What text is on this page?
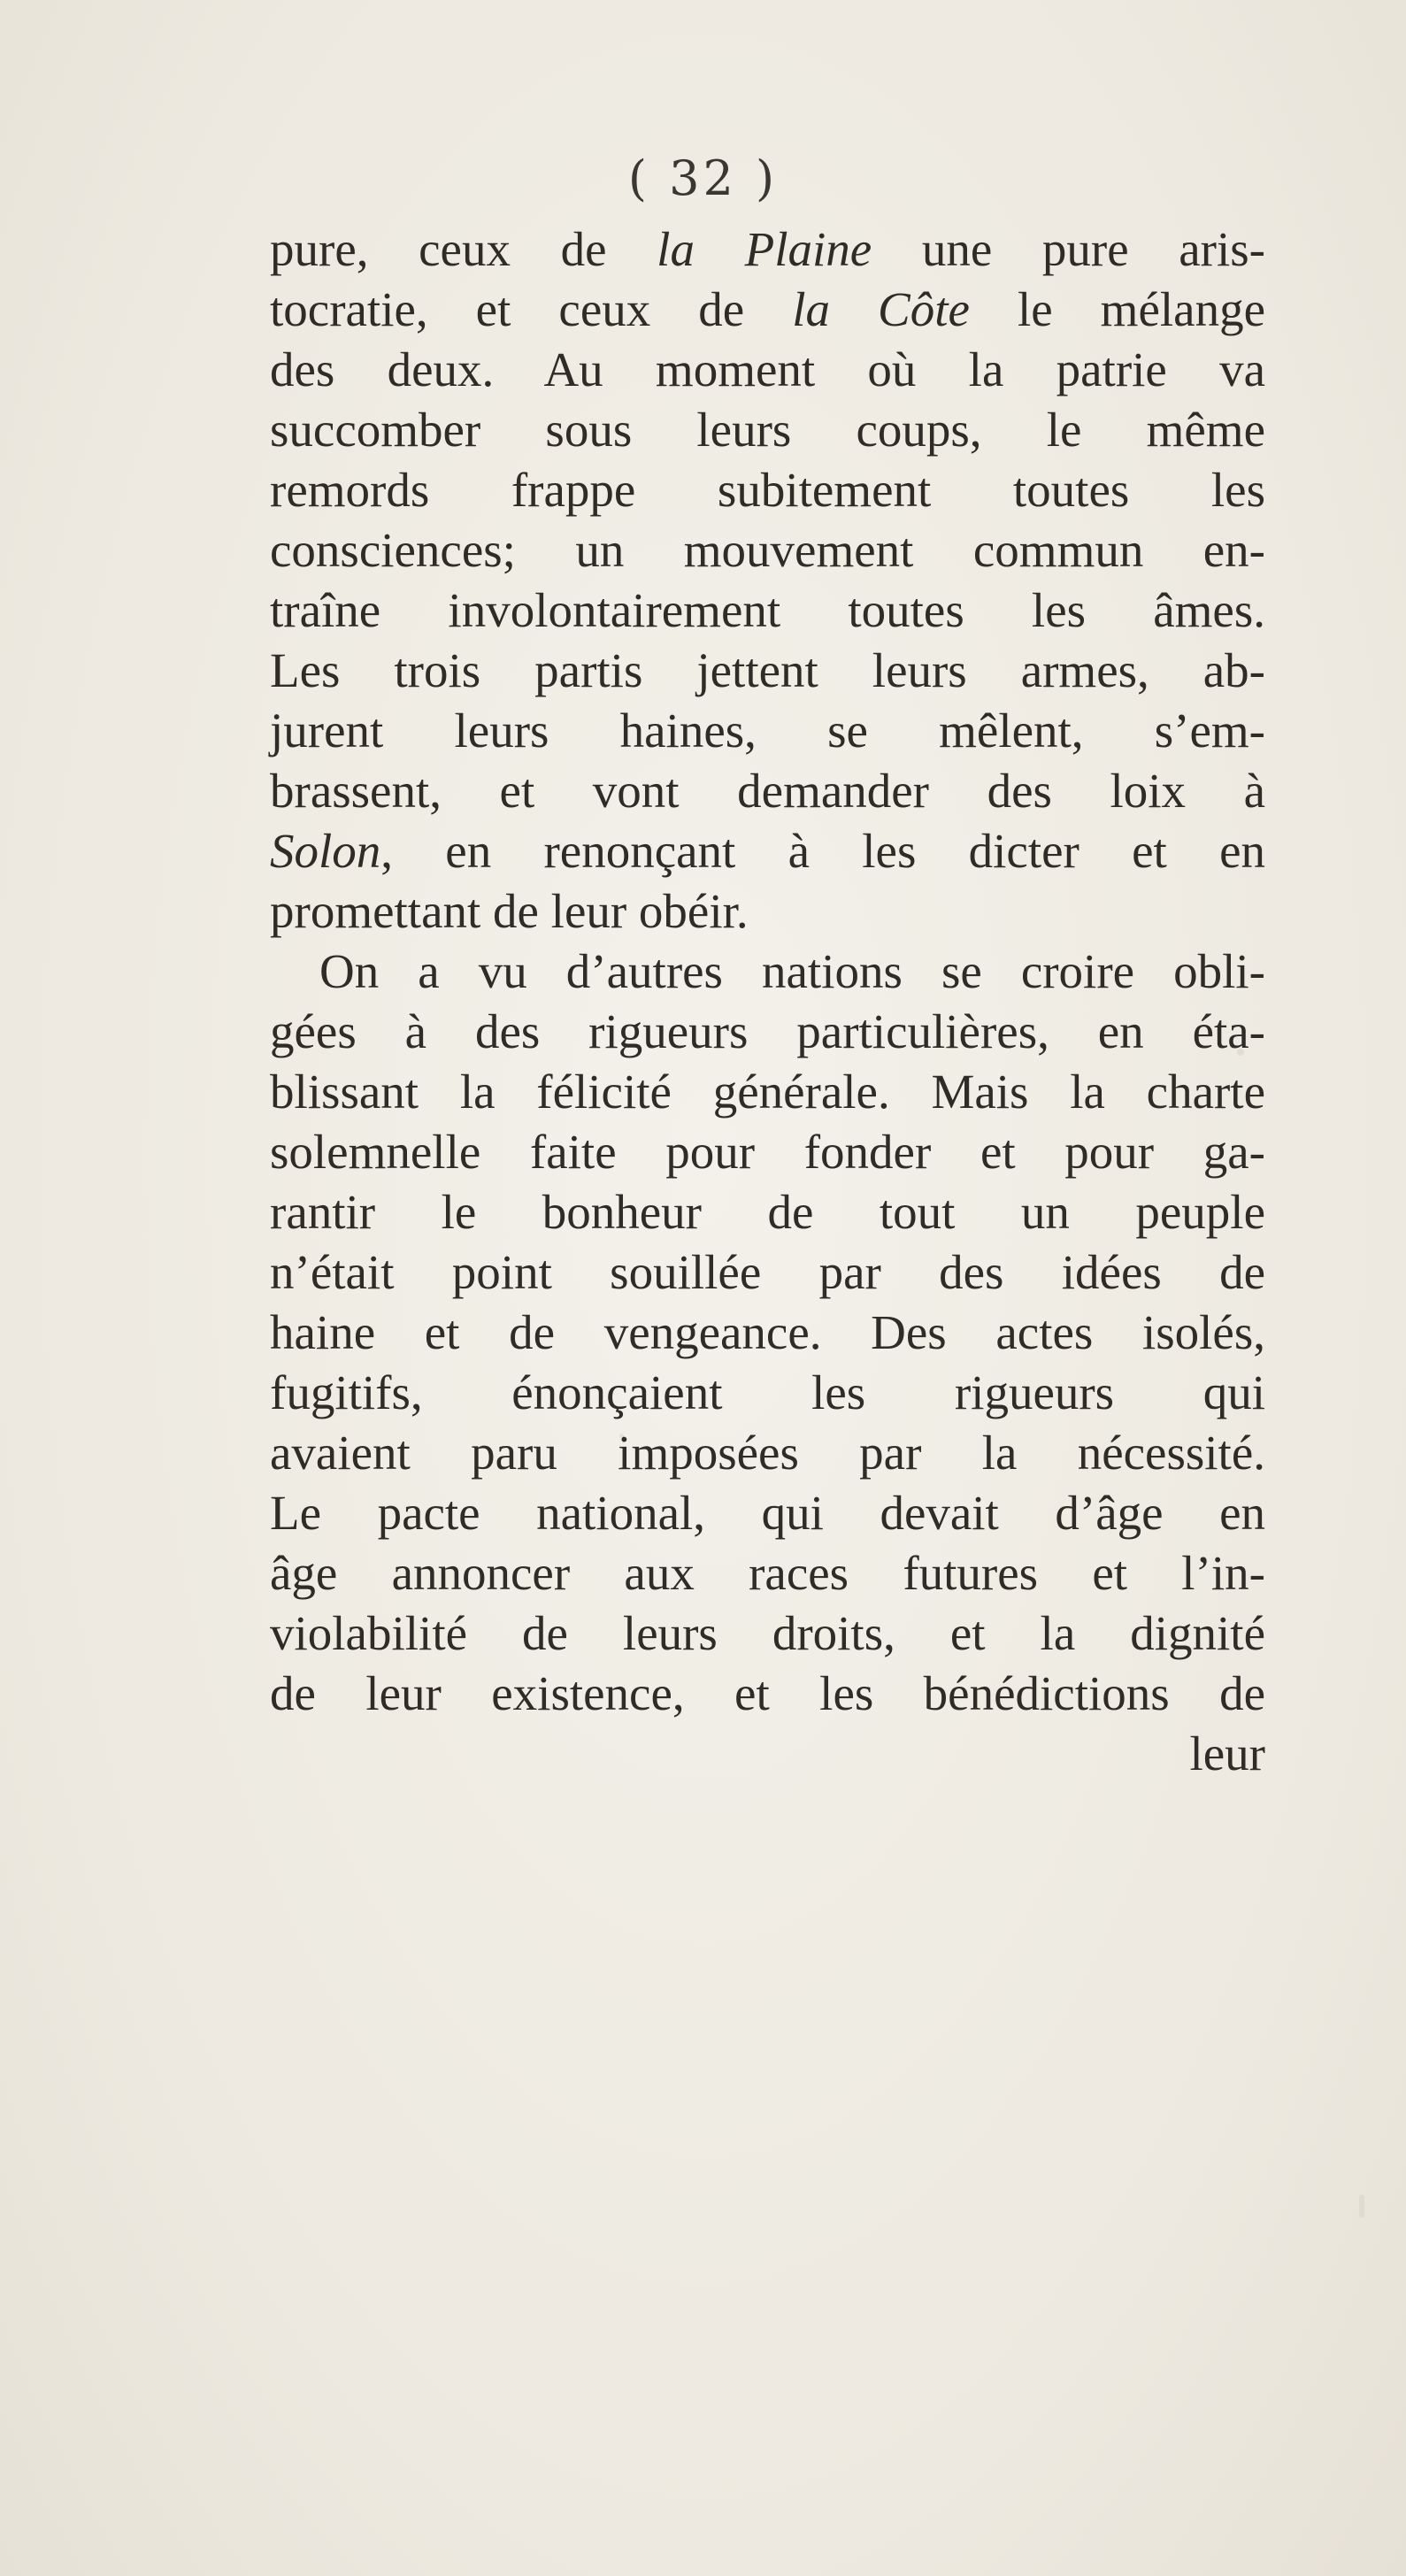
( 32 )
pure, ceux de la Plaine une pure aris-
tocratie, et ceux de la Côte le mélange
des deux. Au moment où la patrie va
succomber sous leurs coups, le même
remords frappe subitement toutes les
consciences; un mouvement commun en-
traîne involontairement toutes les âmes.
Les trois partis jettent leurs armes, ab-
jurent leurs haines, se mêlent, s’em-
brassent, et vont demander des loix à
Solon, en renonçant à les dicter et en
promettant de leur obéir.
On a vu d’autres nations se croire obli-
gées à des rigueurs particulières, en éta-
blissant la félicité générale. Mais la charte
solemnelle faite pour fonder et pour ga-
rantir le bonheur de tout un peuple
n’était point souillée par des idées de
haine et de vengeance. Des actes isolés,
fugitifs, énonçaient les rigueurs qui
avaient paru imposées par la nécessité.
Le pacte national, qui devait d’âge en
âge annoncer aux races futures et l’in-
violabilité de leurs droits, et la dignité
de leur existence, et les bénédictions de
leur
